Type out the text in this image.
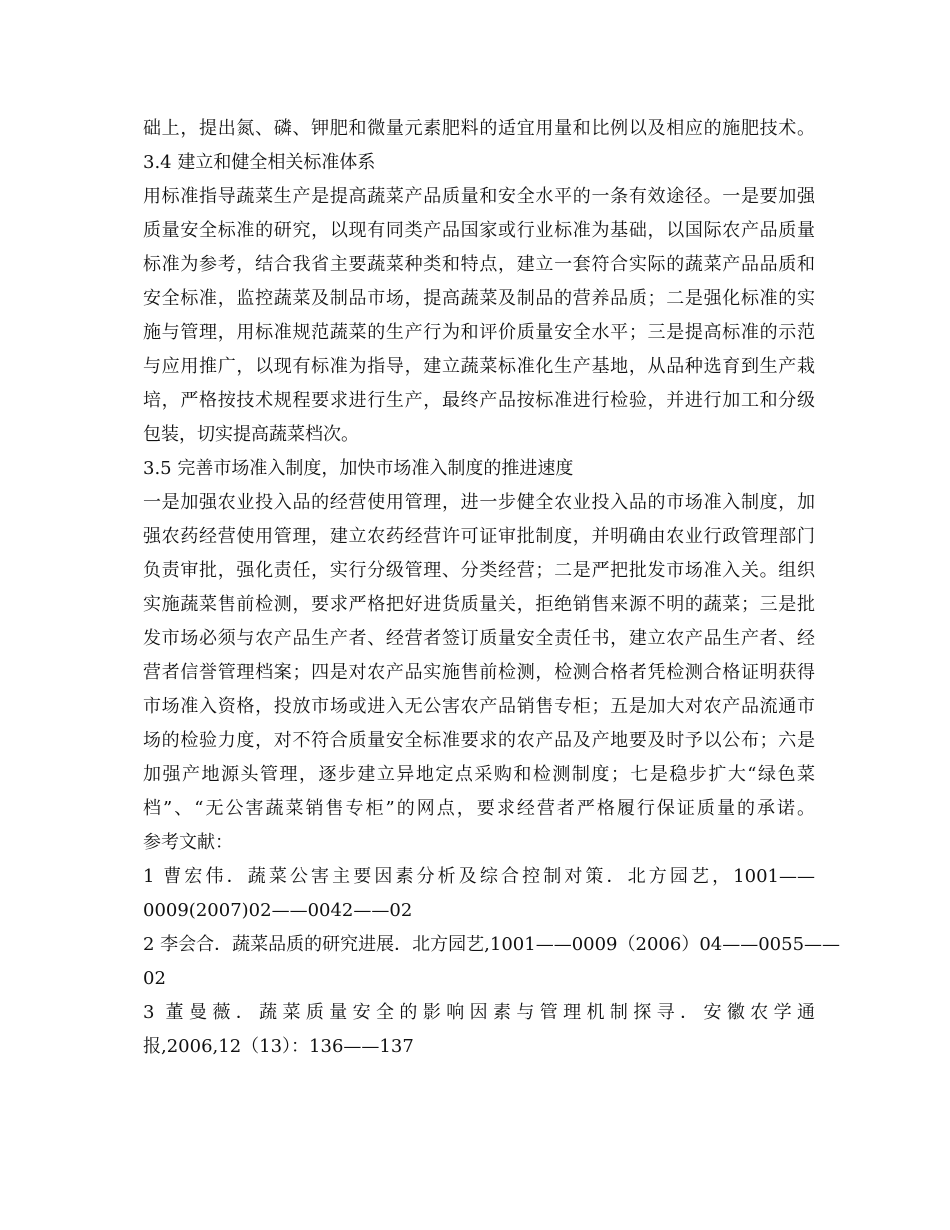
础上，提出氮、磷、钾肥和微量元素肥料的适宜用量和比例以及相应的施肥技术。
3.4 建立和健全相关标准体系
用标准指导蔬菜生产是提高蔬菜产品质量和安全水平的一条有效途径。一是要加强
质量安全标准的研究，以现有同类产品国家或行业标准为基础，以国际农产品质量
标准为参考，结合我省主要蔬菜种类和特点，建立一套符合实际的蔬菜产品品质和
安全标准，监控蔬菜及制品市场，提高蔬菜及制品的营养品质；二是强化标准的实
施与管理，用标准规范蔬菜的生产行为和评价质量安全水平；三是提高标准的示范
与应用推广，以现有标准为指导，建立蔬菜标准化生产基地，从品种选育到生产栽
培，严格按技术规程要求进行生产，最终产品按标准进行检验，并进行加工和分级
包装，切实提高蔬菜档次。
3.5 完善市场准入制度，加快市场准入制度的推进速度
一是加强农业投入品的经营使用管理，进一步健全农业投入品的市场准入制度，加
强农药经营使用管理，建立农药经营许可证审批制度，并明确由农业行政管理部门
负责审批，强化责任，实行分级管理、分类经营；二是严把批发市场准入关。组织
实施蔬菜售前检测，要求严格把好进货质量关，拒绝销售来源不明的蔬菜；三是批
发市场必须与农产品生产者、经营者签订质量安全责任书，建立农产品生产者、经
营者信誉管理档案；四是对农产品实施售前检测，检测合格者凭检测合格证明获得
市场准入资格，投放市场或进入无公害农产品销售专柜；五是加大对农产品流通市
场的检验力度，对不符合质量安全标准要求的农产品及产地要及时予以公布；六是
加强产地源头管理，逐步建立异地定点采购和检测制度；七是稳步扩大“绿色菜
档”、“无公害蔬菜销售专柜”的网点，要求经营者严格履行保证质量的承诺。
参考文献：
1 曹宏伟．蔬菜公害主要因素分析及综合控制对策．北方园艺，1001——
0009(2007)02——0042——02
2 李会合．蔬菜品质的研究进展．北方园艺,1001——0009（2006）04——0055——
02
3 董曼薇．蔬菜质量安全的影响因素与管理机制探寻．安徽农学通
报,2006,12（13）：136——137
